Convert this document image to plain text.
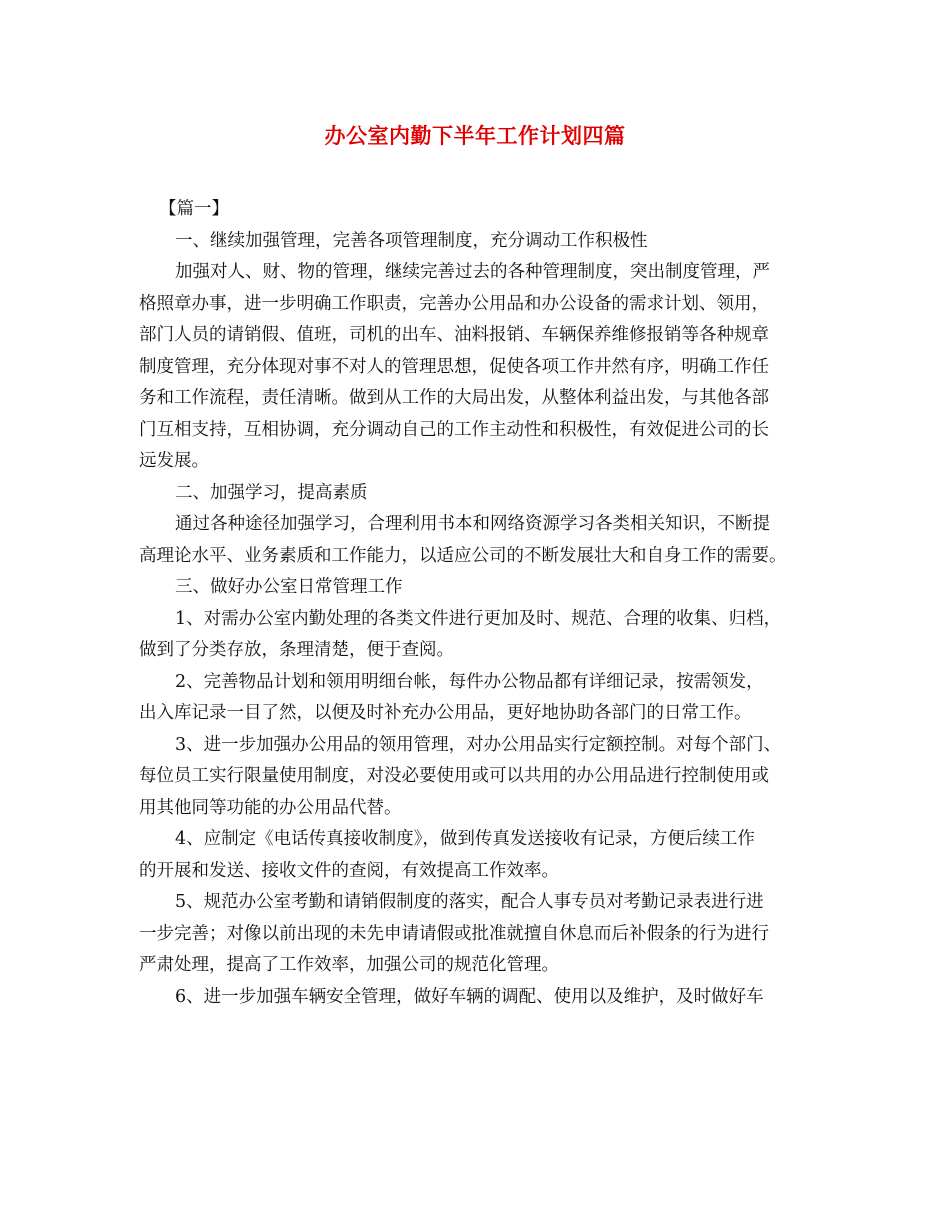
办公室内勤下半年工作计划四篇
【篇一】
一、继续加强管理，完善各项管理制度，充分调动工作积极性
加强对人、财、物的管理，继续完善过去的各种管理制度，突出制度管理，严
格照章办事，进一步明确工作职责，完善办公用品和办公设备的需求计划、领用，
部门人员的请销假、值班，司机的出车、油料报销、车辆保养维修报销等各种规章
制度管理，充分体现对事不对人的管理思想，促使各项工作井然有序，明确工作任
务和工作流程，责任清晰。做到从工作的大局出发，从整体利益出发，与其他各部
门互相支持，互相协调，充分调动自己的工作主动性和积极性，有效促进公司的长
远发展。
二、加强学习，提高素质
通过各种途径加强学习，合理利用书本和网络资源学习各类相关知识，不断提
高理论水平、业务素质和工作能力，以适应公司的不断发展壮大和自身工作的需要。
三、做好办公室日常管理工作
1、对需办公室内勤处理的各类文件进行更加及时、规范、合理的收集、归档，
做到了分类存放，条理清楚，便于查阅。
2、完善物品计划和领用明细台帐，每件办公物品都有详细记录，按需领发，
出入库记录一目了然，以便及时补充办公用品，更好地协助各部门的日常工作。
3、进一步加强办公用品的领用管理，对办公用品实行定额控制。对每个部门、
每位员工实行限量使用制度，对没必要使用或可以共用的办公用品进行控制使用或
用其他同等功能的办公用品代替。
4、应制定《电话传真接收制度》，做到传真发送接收有记录，方便后续工作
的开展和发送、接收文件的查阅，有效提高工作效率。
5、规范办公室考勤和请销假制度的落实，配合人事专员对考勤记录表进行进
一步完善；对像以前出现的未先申请请假或批准就擅自休息而后补假条的行为进行
严肃处理，提高了工作效率，加强公司的规范化管理。
6、进一步加强车辆安全管理，做好车辆的调配、使用以及维护，及时做好车
